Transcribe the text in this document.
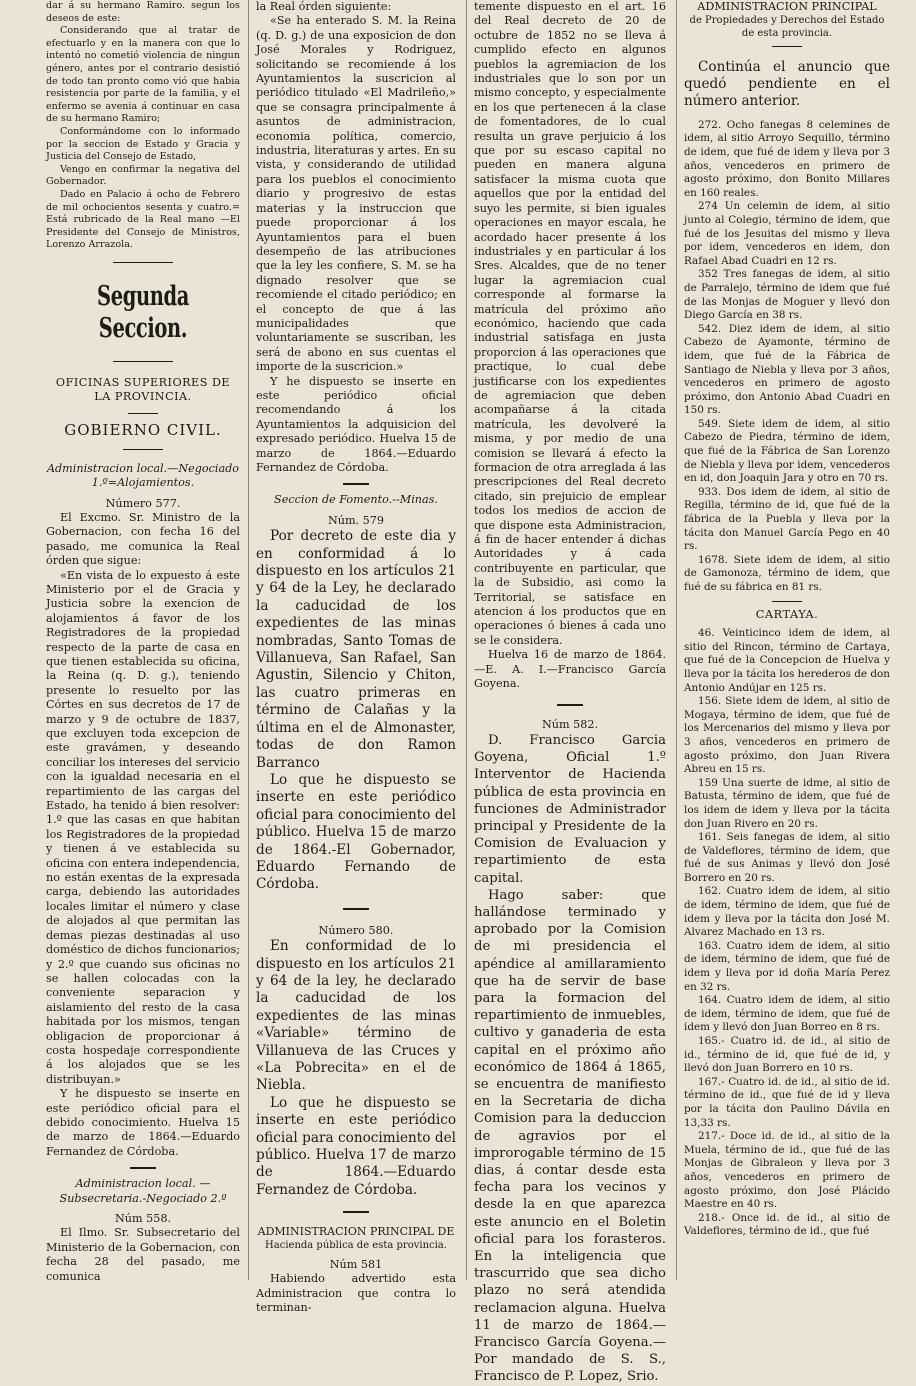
dar á su hermano Ramiro. segun los deseos de este:

Considerando que al tratar de efectuarlo y en la manera con que lo intentó no cometió violencia de ningun género, antes por el contrario desistió de todo tan pronto como vió que habia resistencia por parte de la familia, y el enfermo se avenia á continuar en casa de su hermano Ramiro;

Conformándome con lo informado por la seccion de Estado y Gracia y Justicia del Consejo de Estado,

Vengo en confirmar la negativa del Gobernador.

Dado en Palacio á ocho de Febrero de mil ochocientos sesenta y cuatro.= Está rubricado de la Real mano —El Presidente del Consejo de Ministros, Lorenzo Arrazola.

Segunda Seccion.

OFICINAS SUPERIORES DE LA PROVINCIA.

GOBIERNO CIVIL.

Administracion local.—Negociado 1.º=Alojamientos.

Número 577.

El Excmo. Sr. Ministro de la Gobernacion, con fecha 16 del pasado, me comunica la Real órden que sigue:

«En vista de lo expuesto á este Ministerio por el de Gracia y Justicia sobre la exencion de alojamientos á favor de los Registradores de la propiedad respecto de la parte de casa en que tienen establecida su oficina, la Reina (q. D. g.), teniendo presente lo resuelto por las Córtes en sus decretos de 17 de marzo y 9 de octubre de 1837, que excluyen toda excepcion de este gravámen, y deseando conciliar los intereses del servicio con la igualdad necesaria en el repartimiento de las cargas del Estado, ha tenido á bien resolver: 1.º que las casas en que habitan los Registradores de la propiedad y tienen á ve establecida su oficina con entera independencia, no están exentas de la expresada carga, debiendo las autoridades locales limitar el número y clase de alojados al que permitan las demas piezas destinadas al uso doméstico de dichos funcionarios; y 2.º que cuando sus oficinas no se hallen colocadas con la conveniente separacion y aislamiento del resto de la casa habitada por los mismos, tengan obligacion de proporcionar á costa hospedaje correspondiente á los alojados que se les distribuyan.»

Y he dispuesto se inserte en este periódico oficial para el debido conocimiento. Huelva 15 de marzo de 1864.—Eduardo Fernandez de Córdoba.

Administracion local. —Subsecretaria.-Negociado 2.º

Núm 558.

El Ilmo. Sr. Subsecretario del Ministerio de la Gobernacion, con fecha 28 del pasado, me comunica

la Real órden siguiente:

«Se ha enterado S. M. la Reina (q. D. g.) de una exposicion de don José Morales y Rodriguez, solicitando se recomiende á los Ayuntamientos la suscricion al periódico titulado «El Madrileño,» que se consagra principalmente á asuntos de administracion, economia política, comercio, industria, literaturas y artes. En su vista, y considerando de utilidad para los pueblos el conocimiento diario y progresivo de estas materias y la instruccion que puede proporcionar á los Ayuntamientos para el buen desempeño de las atribuciones que la ley les confiere, S. M. se ha dignado resolver que se recomiende el citado periódico; en el concepto de que á las municipalidades que voluntariamente se suscriban, les será de abono en sus cuentas el importe de la suscricion.»

Y he dispuesto se inserte en este periódico oficial recomendando á los Ayuntamientos la adquisicion del expresado periódico. Huelva 15 de marzo de 1864.—Eduardo Fernandez de Córdoba.

Seccion de Fomento.--Minas.

Núm. 579

Por decreto de este dia y en conformidad á lo dispuesto en los artículos 21 y 64 de la Ley, he declarado la caducidad de los expedientes de las minas nombradas, Santo Tomas de Villanueva, San Rafael, San Agustin, Silencio y Chiton, las cuatro primeras en término de Calañas y la última en el de Almonaster, todas de don Ramon Barranco

Lo que he dispuesto se inserte en este periódico oficial para conocimiento del público. Huelva 15 de marzo de 1864.-El Gobernador, Eduardo Fernando de Córdoba.

Número 580.

En conformidad de lo dispuesto en los artículos 21 y 64 de la ley, he declarado la caducidad de los expedientes de las minas «Variable» término de Villanueva de las Cruces y «La Pobrecita» en el de Niebla.

Lo que he dispuesto se inserte en este periódico oficial para conocimiento del público. Huelva 17 de marzo de 1864.—Eduardo Fernandez de Córdoba.

ADMINISTRACION PRINCIPAL DE

Hacienda pública de esta provincia.

Núm 581

Habiendo advertido esta Administracion que contra lo terminan-

temente dispuesto en el art. 16 del Real decreto de 20 de octubre de 1852 no se lleva á cumplido efecto en algunos pueblos la agremiacion de los industriales que lo son por un mismo concepto, y especialmente en los que pertenecen á la clase de fomentadores, de lo cual resulta un grave perjuicio á los que por su escaso capital no pueden en manera alguna satisfacer la misma cuota que aquellos que por la entidad del suyo les permite, si bien iguales operaciones en mayor escala, he acordado hacer presente á los industriales y en particular á los Sres. Alcaldes, que de no tener lugar la agremiacion cual corresponde al formarse la matrícula del próximo año económico, haciendo que cada industrial satisfaga en justa proporcion á las operaciones que practique, lo cual debe justificarse con los expedientes de agremiacion que deben acompañarse á la citada matrícula, les devolveré la misma, y por medio de una comision se llevará á efecto la formacion de otra arreglada á las prescripciones del Real decreto citado, sin prejuicio de emplear todos los medios de accion de que dispone esta Administracion, á fin de hacer entender á dichas Autoridades y á cada contribuyente en particular, que la de Subsidio, asi como la Territorial, se satisface en atencion á los productos que en operaciones ó bienes á cada uno se le considera.

Huelva 16 de marzo de 1864. —E. A. I.—Francisco García Goyena.

Núm 582.

D. Francisco Garcia Goyena, Oficial 1.º Interventor de Hacienda pública de esta provincia en funciones de Administrador principal y Presidente de la Comision de Evaluacion y repartimiento de esta capital.

Hago saber: que hallándose terminado y aprobado por la Comision de mi presidencia el apéndice al amillaramiento que ha de servir de base para la formacion del repartimiento de inmuebles, cultivo y ganaderia de esta capital en el próximo año económico de 1864 á 1865, se encuentra de manifiesto en la Secretaria de dicha Comision para la deduccion de agravios por el improrogable término de 15 dias, á contar desde esta fecha para los vecinos y desde la en que aparezca este anuncio en el Boletin oficial para los forasteros. En la inteligencia que trascurrido que sea dicho plazo no será atendida reclamacion alguna. Huelva 11 de marzo de 1864.—Francisco García Goyena.—Por mandado de S. S., Francisco de P. Lopez, Srio.

ADMINISTRACION PRINCIPAL

de Propiedades y Derechos del Estado de esta provincia.

Continúa el anuncio que quedó pendiente en el número anterior.

272. Ocho fanegas 8 celemines de idem, al sitio Arroyo Sequillo, término de idem, que fué de idem y lleva por 3 años, vencederos en primero de agosto próximo, don Bonito Millares en 160 reales.

274 Un celemin de idem, al sitio junto al Colegio, término de idem, que fué de los Jesuitas del mismo y lleva por idem, vencederos en idem, don Rafael Abad Cuadri en 12 rs.

352 Tres fanegas de idem, al sitio de Parralejo, término de idem que fué de las Monjas de Moguer y llevó don Diego García en 38 rs.

542. Diez idem de idem, al sitio Cabezo de Ayamonte, término de idem, que fué de la Fábrica de Santiago de Niebla y lleva por 3 años, vencederos en primero de agosto próximo, don Antonio Abad Cuadri en 150 rs.

549. Siete idem de idem, al sitio Cabezo de Piedra, término de idem, que fué de la Fábrica de San Lorenzo de Niebla y lleva por idem, vencederos en id, don Joaquin Jara y otro en 70 rs.

933. Dos idem de idem, al sitio de Regilla, término de id, que fué de la fábrica de la Puebla y lleva por la tácita don Manuel García Pego en 40 rs.

1678. Siete idem de idem, al sitio de Gamonoza, término de idem, que fué de su fábrica en 81 rs.

CARTAYA.

46. Veinticinco idem de idem, al sitio del Rincon, término de Cartaya, que fué de la Concepcion de Huelva y lleva por la tácita los herederos de don Antonio Andújar en 125 rs.

156. Siete idem de idem, al sitio de Mogaya, término de idem, que fué de los Mercenarios del mismo y lleva por 3 años, vencederos en primero de agosto próximo, don Juan Rivera Abreu en 15 rs.

159 Una suerte de idme, al sitio de Batusta, término de idem, que fué de los idem de idem y lleva por la tácita don Juan Rivero en 20 rs.

161. Seis fanegas de idem, al sitio de Valdeflores, término de idem, que fué de sus Animas y llevó don José Borrero en 20 rs.

162. Cuatro idem de idem, al sitio de idem, término de idem, que fué de idem y lleva por la tácita don José M. Alvarez Machado en 13 rs.

163. Cuatro idem de idem, al sitio de idem, término de idem, que fué de idem y lleva por id doña María Perez en 32 rs.

164. Cuatro idem de idem, al sitio de idem, término de idem, que fué de idem y llevó don Juan Borreo en 8 rs.

165.- Cuatro id. de id., al sitio de id., término de id, que fué de id, y llevó don Juan Borrero en 10 rs.

167.- Cuatro id. de id., al sitio de id. término de id., que fué de id y lleva por la tácita don Paulino Dávila en 13,33 rs.

217.- Doce id. de id., al sitio de la Muela, término de id., que fué de las Monjas de Gibraleon y lleva por 3 años, vencederos en primero de agosto próximo, don José Plácido Maestre en 40 rs.

218.- Once id. de id., al sitio de Valdeflores, término de id., que fué
